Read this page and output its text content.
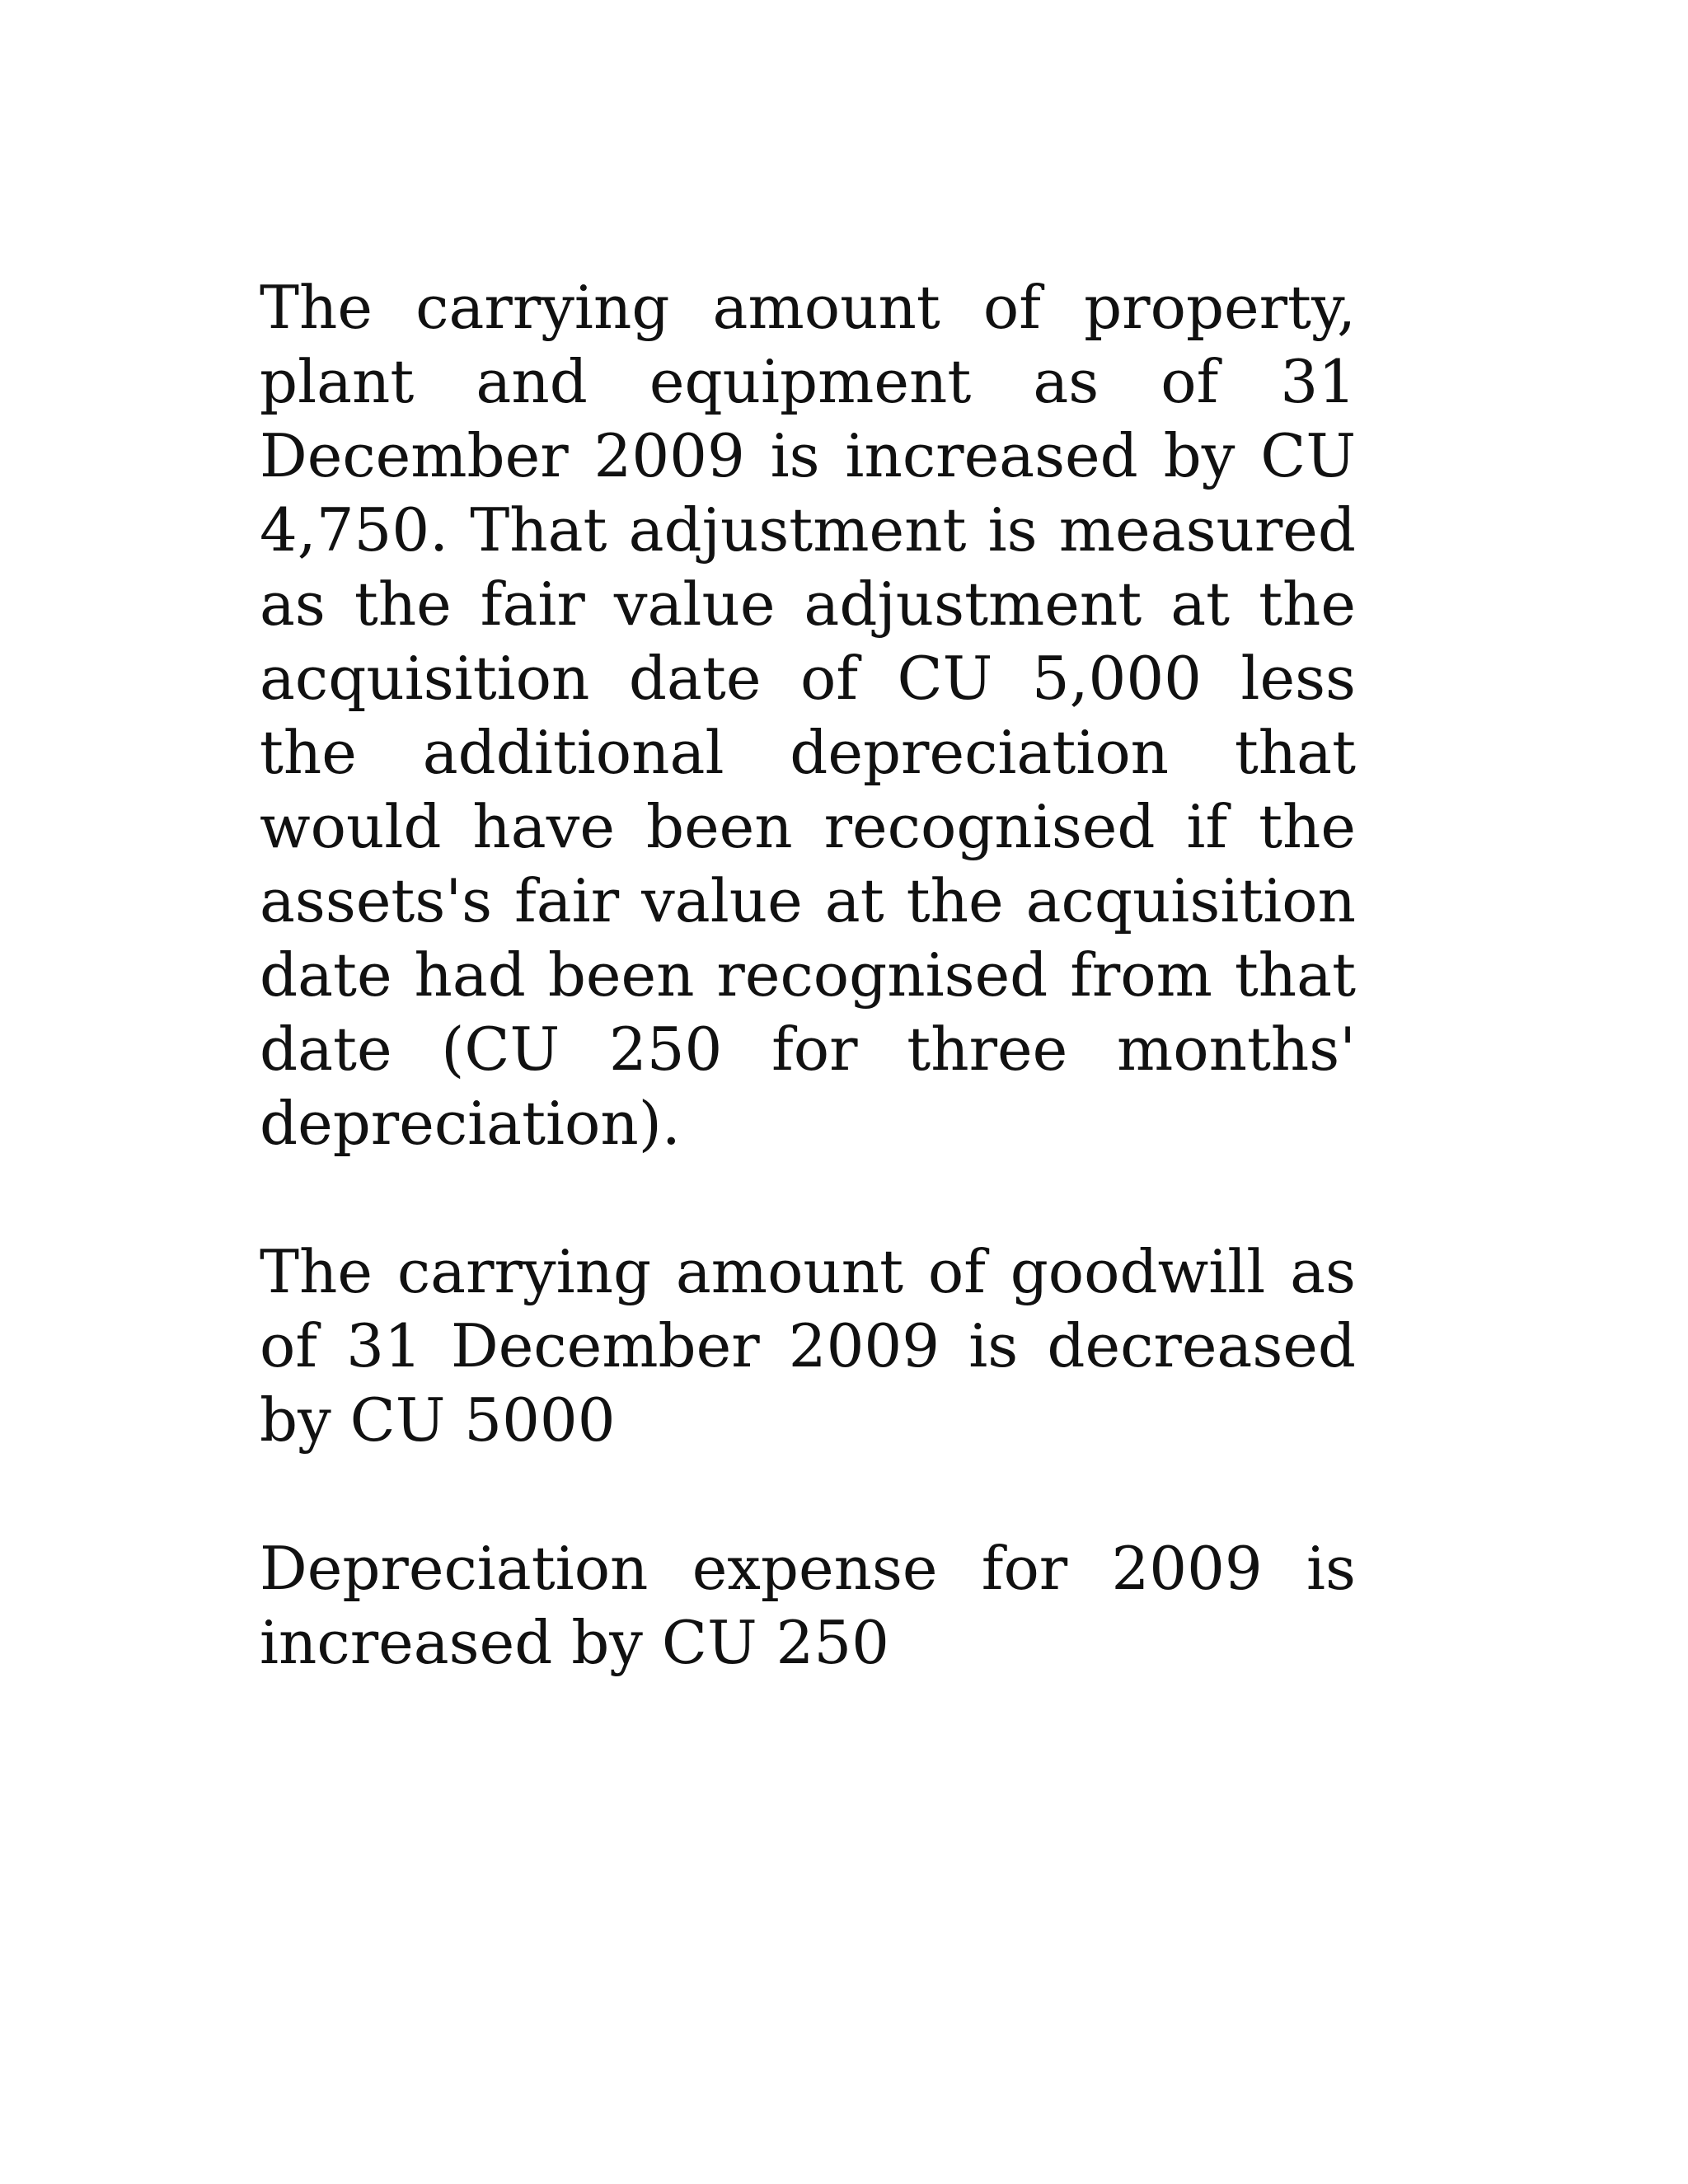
The carrying amount of property, plant and equipment as of 31 December 2009 is increased by CU 4,750. That adjustment is measured as the fair value adjustment at the acquisition date of CU 5,000 less the additional depreciation that would have been recognised if the assets's fair value at the acquisition date had been recognised from that date (CU 250 for three months' depreciation).

The carrying amount of goodwill as of 31 December 2009 is decreased by CU 5000

Depreciation expense for 2009 is increased by CU 250
